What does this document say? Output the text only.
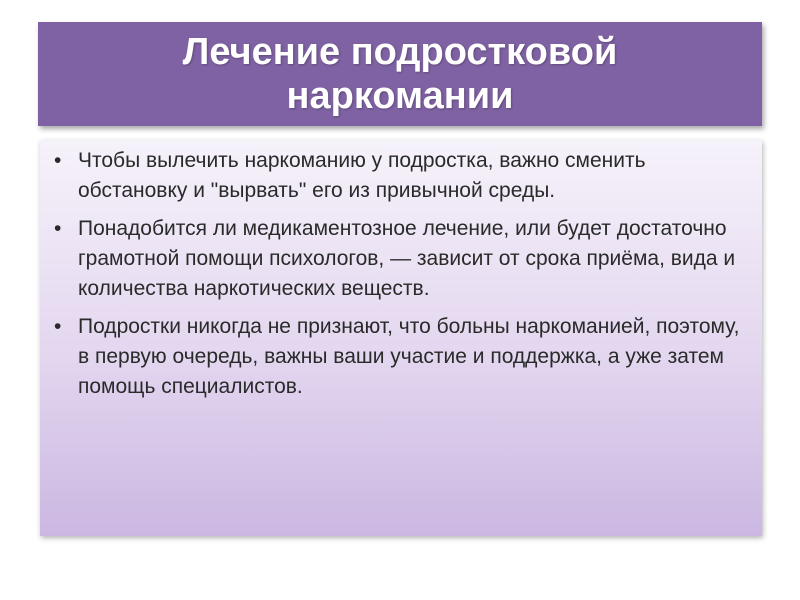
Лечение подростковой наркомании
• Чтобы вылечить наркоманию у подростка, важно сменить обстановку и "вырвать" его из привычной среды.
• Понадобится ли медикаментозное лечение, или будет достаточно грамотной помощи психологов, — зависит от срока приёма, вида и количества наркотических веществ.
• Подростки никогда не признают, что больны наркоманией, поэтому, в первую очередь, важны ваши участие и поддержка, а уже затем помощь специалистов.
